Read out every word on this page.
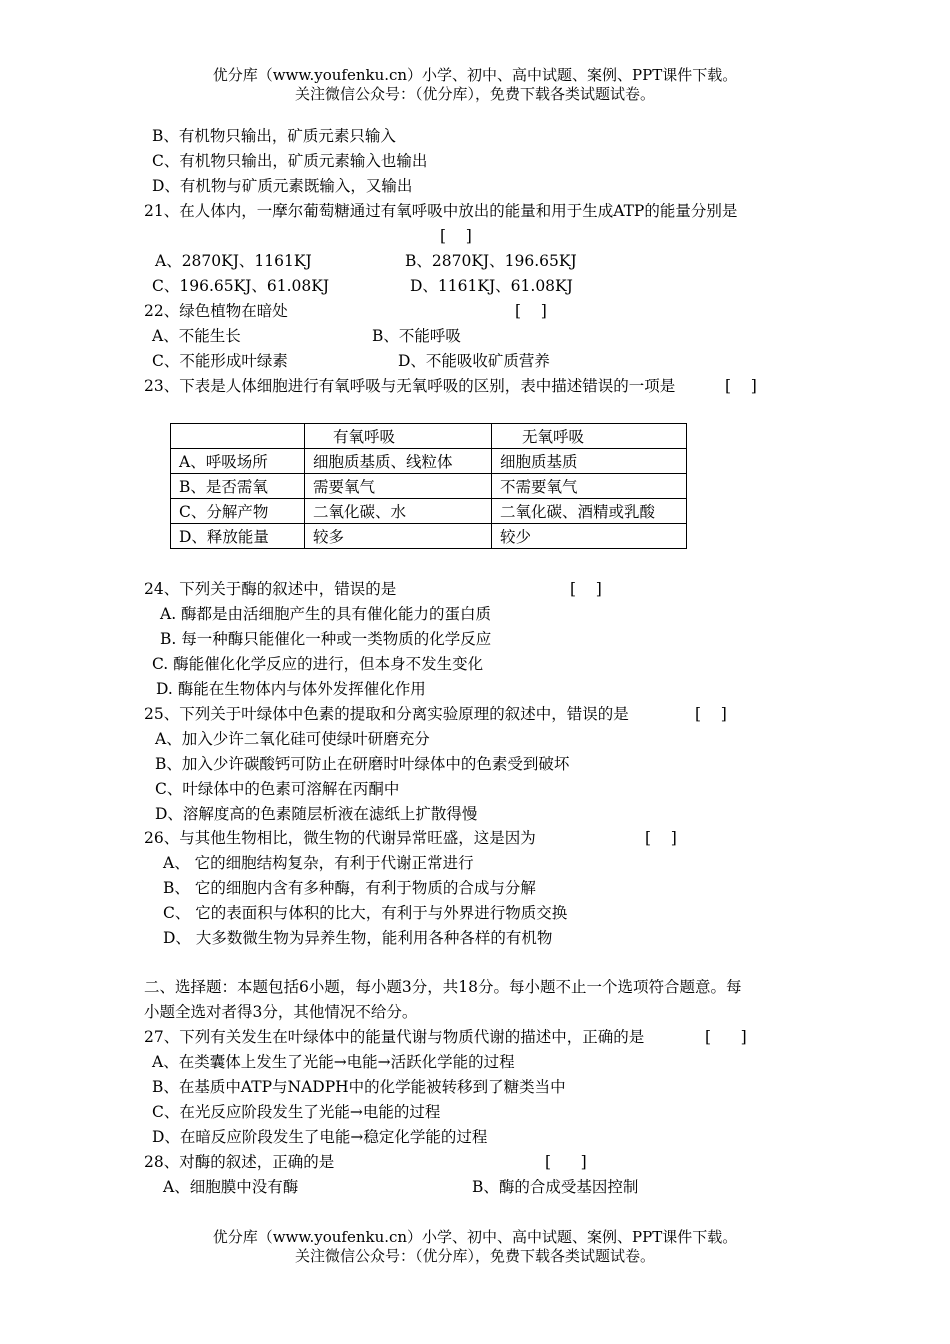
优分库（www.youfenku.cn）小学、初中、高中试题、案例、PPT课件下载。
关注微信公众号：（优分库），免费下载各类试题试卷。
B、有机物只输出，矿质元素只输入
C、有机物只输出，矿质元素输入也输出
D、有机物与矿质元素既输入，又输出
21、在人体内，一摩尔葡萄糖通过有氧呼吸中放出的能量和用于生成ATP的能量分别是
[    ]
A、2870KJ、1161KJ	B、2870KJ、196.65KJ
C、196.65KJ、61.08KJ	D、1161KJ、61.08KJ
22、绿色植物在暗处	[    ]
A、不能生长	B、不能呼吸
C、不能形成叶绿素	D、不能吸收矿质营养
23、下表是人体细胞进行有氧呼吸与无氧呼吸的区别，表中描述错误的一项是	[    ]
	有氧呼吸	无氧呼吸
A、呼吸场所	细胞质基质、线粒体	细胞质基质
B、是否需氧	需要氧气	不需要氧气
C、分解产物	二氧化碳、水	二氧化碳、酒精或乳酸
D、释放能量	较多	较少
24、下列关于酶的叙述中，错误的是	[    ]
A. 酶都是由活细胞产生的具有催化能力的蛋白质
B. 每一种酶只能催化一种或一类物质的化学反应
C. 酶能催化化学反应的进行，但本身不发生变化
D. 酶能在生物体内与体外发挥催化作用
25、下列关于叶绿体中色素的提取和分离实验原理的叙述中，错误的是	[    ]
A、加入少许二氧化硅可使绿叶研磨充分
B、加入少许碳酸钙可防止在研磨时叶绿体中的色素受到破坏
C、叶绿体中的色素可溶解在丙酮中
D、溶解度高的色素随层析液在滤纸上扩散得慢
26、与其他生物相比，微生物的代谢异常旺盛，这是因为	[    ]
A、 它的细胞结构复杂，有利于代谢正常进行
B、 它的细胞内含有多种酶，有利于物质的合成与分解
C、 它的表面积与体积的比大，有利于与外界进行物质交换
D、 大多数微生物为异养生物，能利用各种各样的有机物
二、选择题：本题包括6小题，每小题3分，共18分。每小题不止一个选项符合题意。每
小题全选对者得3分，其他情况不给分。
27、下列有关发生在叶绿体中的能量代谢与物质代谢的描述中，正确的是	[      ]
A、在类囊体上发生了光能→电能→活跃化学能的过程
B、在基质中ATP与NADPH中的化学能被转移到了糖类当中
C、在光反应阶段发生了光能→电能的过程
D、在暗反应阶段发生了电能→稳定化学能的过程
28、对酶的叙述，正确的是	[      ]
A、细胞膜中没有酶	B、酶的合成受基因控制
优分库（www.youfenku.cn）小学、初中、高中试题、案例、PPT课件下载。
关注微信公众号：（优分库），免费下载各类试题试卷。
